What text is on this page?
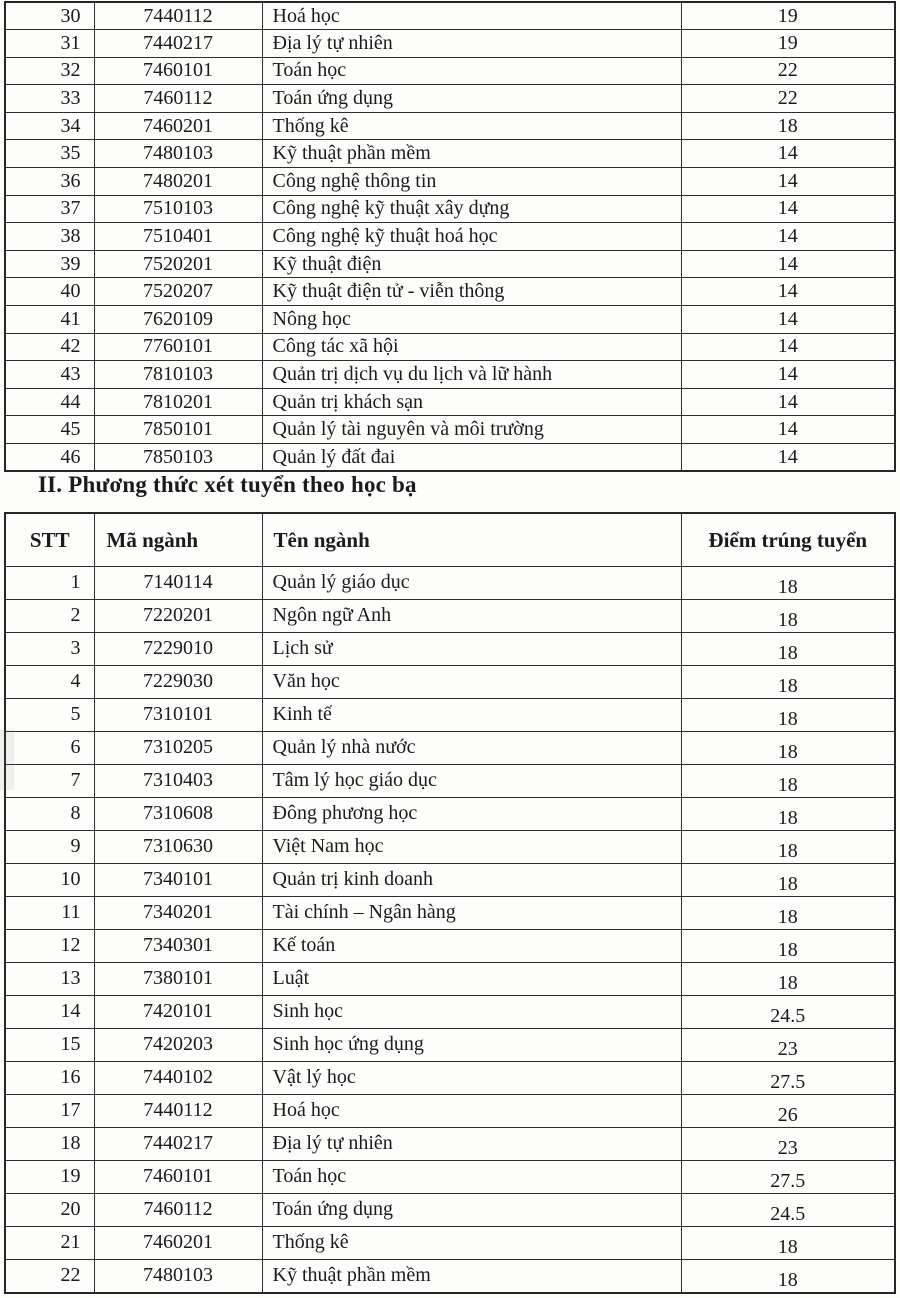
30	7440112	Hoá học	19
31	7440217	Địa lý tự nhiên	19
32	7460101	Toán học	22
33	7460112	Toán ứng dụng	22
34	7460201	Thống kê	18
35	7480103	Kỹ thuật phần mềm	14
36	7480201	Công nghệ thông tin	14
37	7510103	Công nghệ kỹ thuật xây dựng	14
38	7510401	Công nghệ kỹ thuật hoá học	14
39	7520201	Kỹ thuật điện	14
40	7520207	Kỹ thuật điện tử - viễn thông	14
41	7620109	Nông học	14
42	7760101	Công tác xã hội	14
43	7810103	Quản trị dịch vụ du lịch và lữ hành	14
44	7810201	Quản trị khách sạn	14
45	7850101	Quản lý tài nguyên và môi trường	14
46	7850103	Quản lý đất đai	14
II. Phương thức xét tuyển theo học bạ
STT	Mã ngành	Tên ngành	Điểm trúng tuyển
1	7140114	Quản lý giáo dục	18
2	7220201	Ngôn ngữ Anh	18
3	7229010	Lịch sử	18
4	7229030	Văn học	18
5	7310101	Kinh tế	18
6	7310205	Quản lý nhà nước	18
7	7310403	Tâm lý học giáo dục	18
8	7310608	Đông phương học	18
9	7310630	Việt Nam học	18
10	7340101	Quản trị kinh doanh	18
11	7340201	Tài chính – Ngân hàng	18
12	7340301	Kế toán	18
13	7380101	Luật	18
14	7420101	Sinh học	24.5
15	7420203	Sinh học ứng dụng	23
16	7440102	Vật lý học	27.5
17	7440112	Hoá học	26
18	7440217	Địa lý tự nhiên	23
19	7460101	Toán học	27.5
20	7460112	Toán ứng dụng	24.5
21	7460201	Thống kê	18
22	7480103	Kỹ thuật phần mềm	18
